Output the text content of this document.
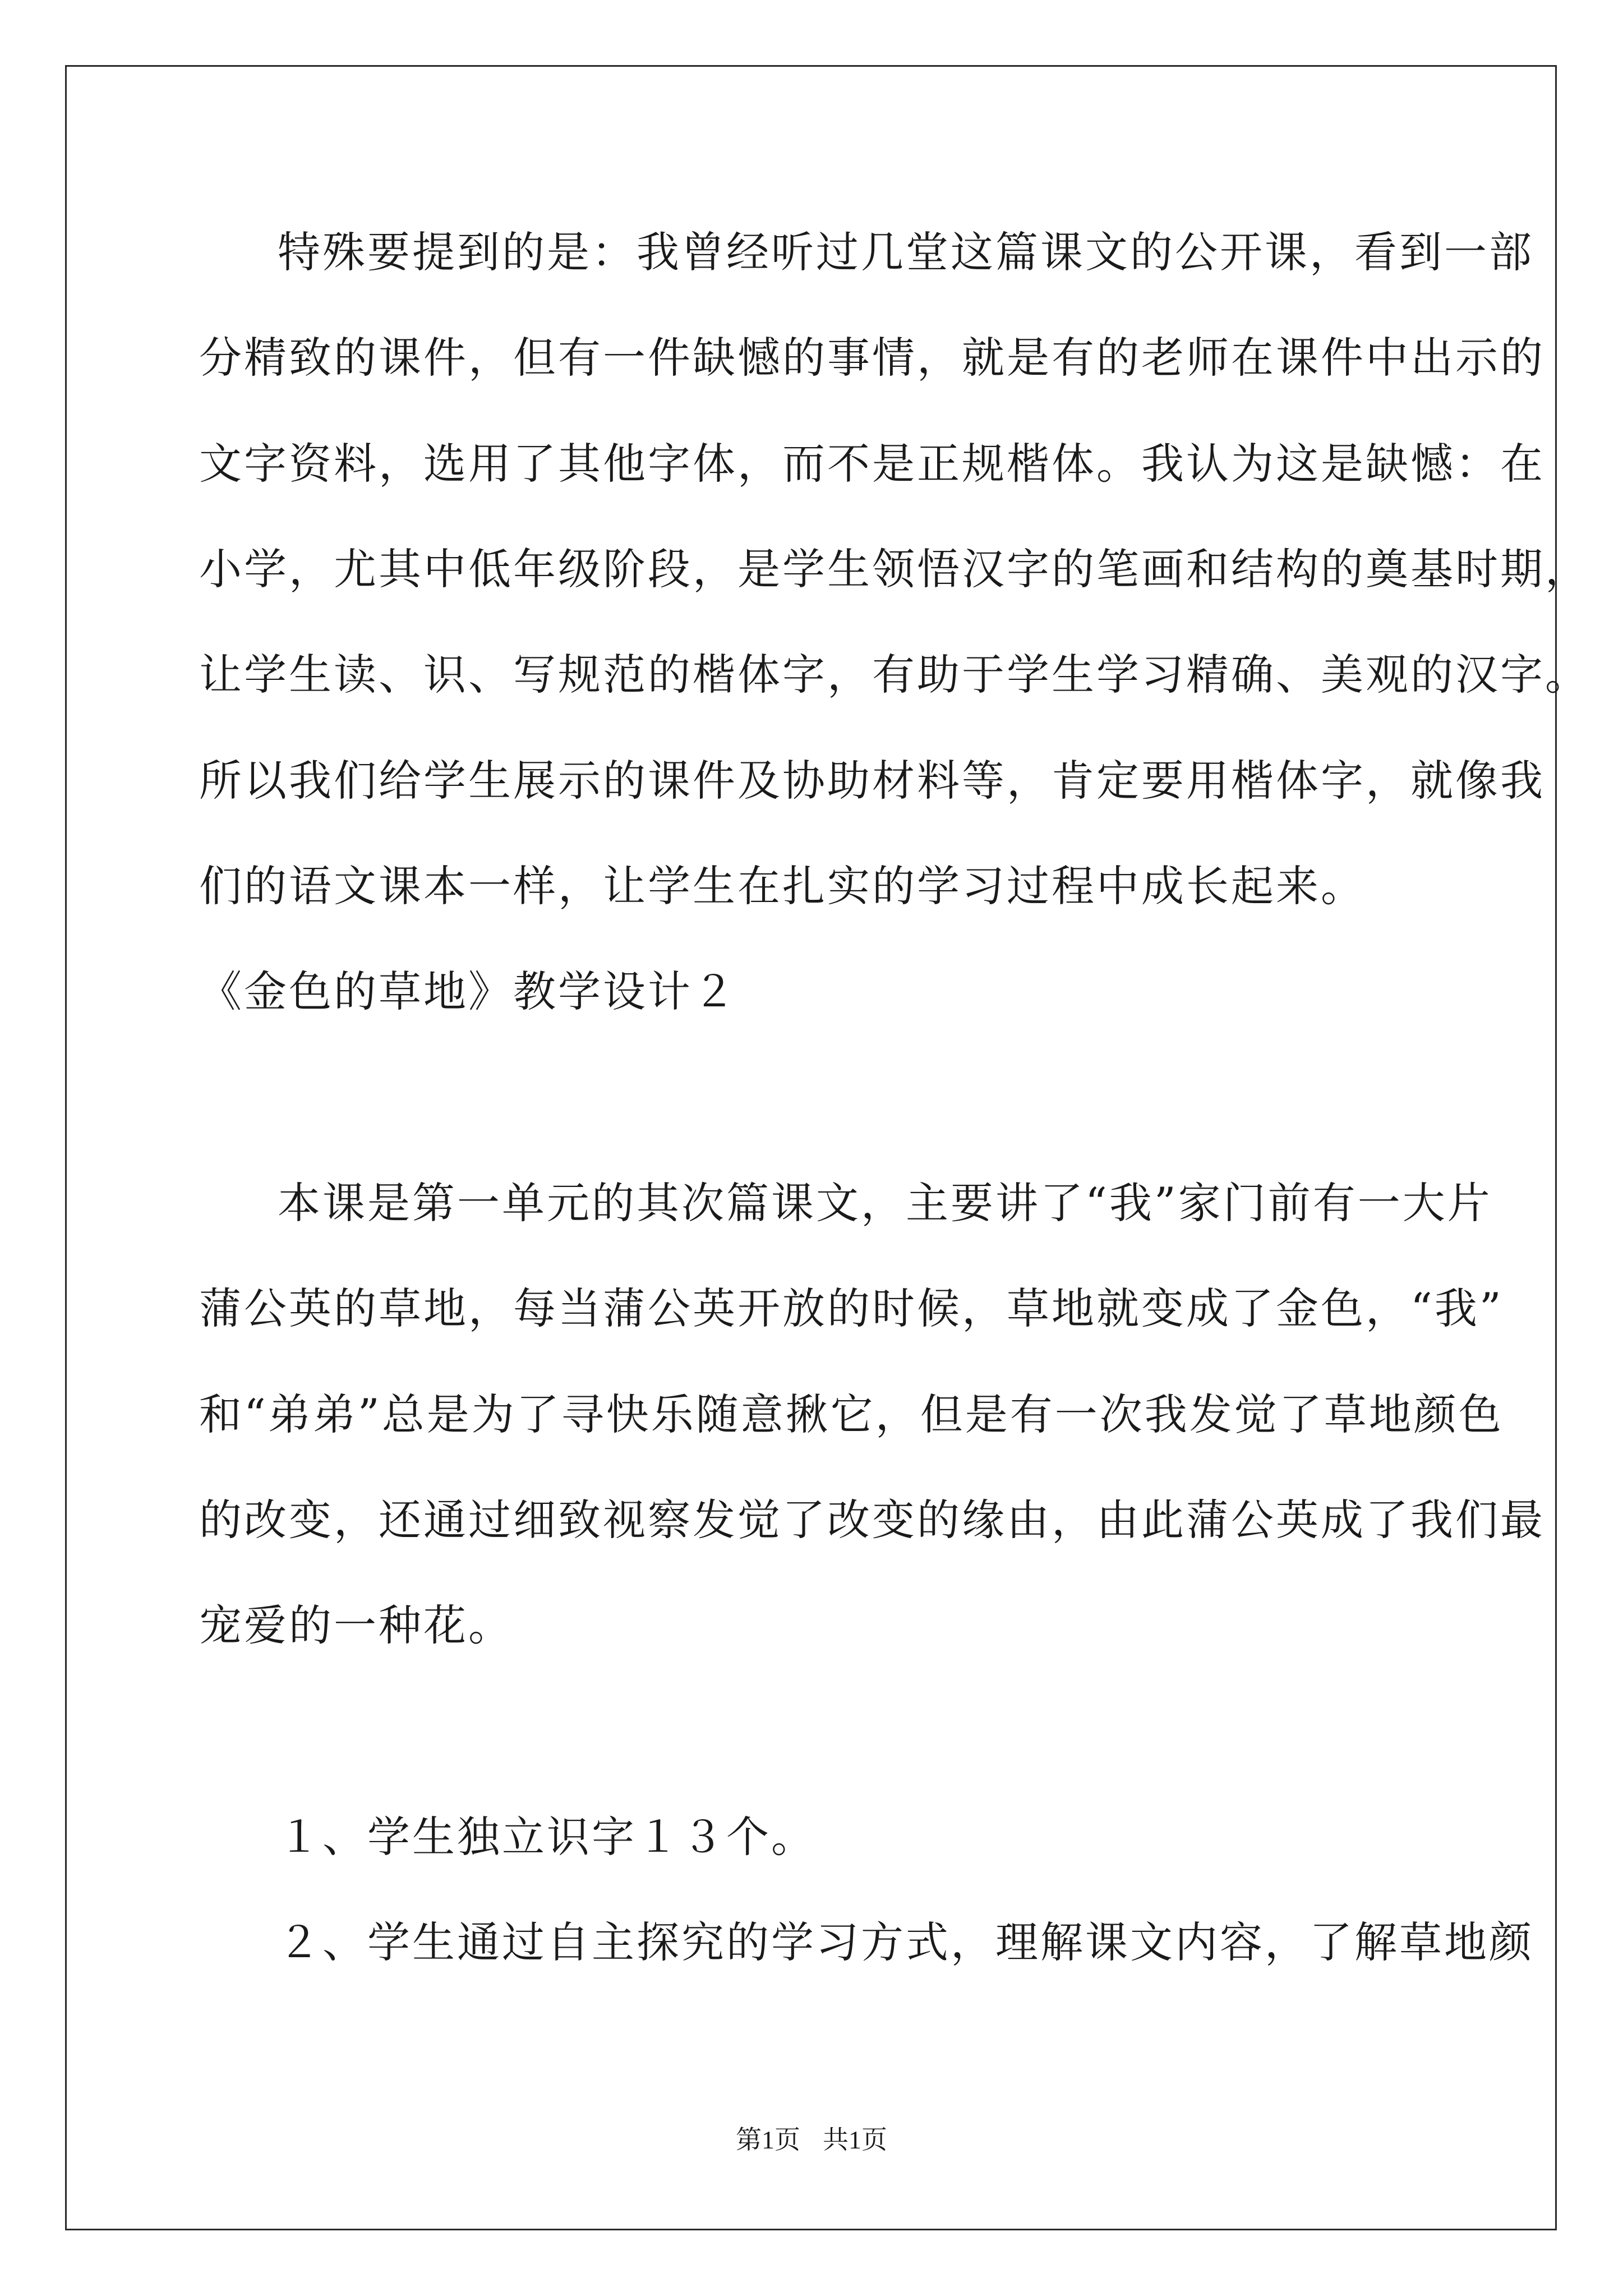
特殊要提到的是：我曾经听过几堂这篇课文的公开课，看到一部
分精致的课件，但有一件缺憾的事情，就是有的老师在课件中出示的
文字资料，选用了其他字体，而不是正规楷体。我认为这是缺憾：在
小学，尤其中低年级阶段，是学生领悟汉字的笔画和结构的奠基时期，
让学生读、识、写规范的楷体字，有助于学生学习精确、美观的汉字。
所以我们给学生展示的课件及协助材料等，肯定要用楷体字，就像我
们的语文课本一样，让学生在扎实的学习过程中成长起来。
《金色的草地》教学设计２
本课是第一单元的其次篇课文，主要讲了“我”家门前有一大片
蒲公英的草地，每当蒲公英开放的时候，草地就变成了金色，“我”
和“弟弟”总是为了寻快乐随意揪它，但是有一次我发觉了草地颜色
的改变，还通过细致视察发觉了改变的缘由，由此蒲公英成了我们最
宠爱的一种花。
１、学生独立识字１３个。
２、学生通过自主探究的学习方式，理解课文内容，了解草地颜
第1页 共1页
